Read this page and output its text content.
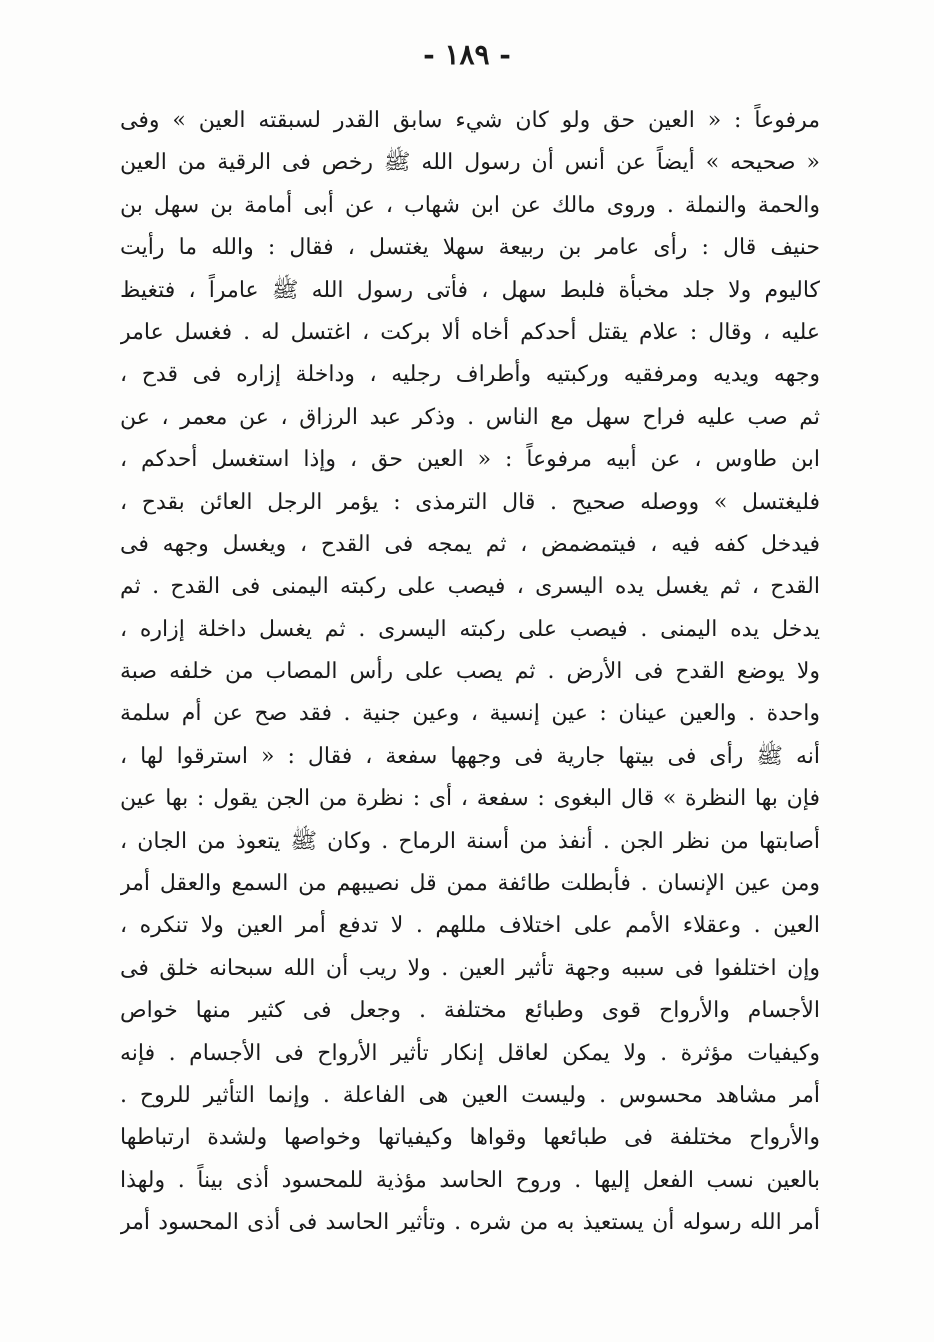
- ١٨٩ -
مرفوعاً : « العين حق ولو كان شيء سابق القدر لسبقته العين » وفى
« صحيحه » أيضاً عن أنس أن رسول الله ﷺ رخص فى الرقية من العين
والحمة والنملة . وروى مالك عن ابن شهاب ، عن أبى أمامة بن سهل بن
حنيف قال : رأى عامر بن ربيعة سهلا يغتسل ، فقال : والله ما رأيت
كاليوم ولا جلد مخبأة فلبط سهل ، فأتى رسول الله ﷺ عامراً ، فتغيظ
عليه ، وقال : علام يقتل أحدكم أخاه ألا بركت ، اغتسل له . فغسل عامر
وجهه ويديه ومرفقيه وركبتيه وأطراف رجليه ، وداخلة إزاره فى قدح ،
ثم صب عليه فراح سهل مع الناس . وذكر عبد الرزاق ، عن معمر ، عن
ابن طاوس ، عن أبيه مرفوعاً : « العين حق ، وإذا استغسل أحدكم ،
فليغتسل » ووصله صحيح . قال الترمذى : يؤمر الرجل العائن بقدح ،
فيدخل كفه فيه ، فيتمضمض ، ثم يمجه فى القدح ، ويغسل وجهه فى
القدح ، ثم يغسل يده اليسرى ، فيصب على ركبته اليمنى فى القدح . ثم
يدخل يده اليمنى . فيصب على ركبته اليسرى . ثم يغسل داخلة إزاره ،
ولا يوضع القدح فى الأرض . ثم يصب على رأس المصاب من خلفه صبة
واحدة . والعين عينان : عين إنسية ، وعين جنية . فقد صح عن أم سلمة
أنه ﷺ رأى فى بيتها جارية فى وجهها سفعة ، فقال : « استرقوا لها ،
فإن بها النظرة » قال البغوى : سفعة ، أى : نظرة من الجن يقول : بها عين
أصابتها من نظر الجن . أنفذ من أسنة الرماح . وكان ﷺ يتعوذ من الجان ،
ومن عين الإنسان . فأبطلت طائفة ممن قل نصيبهم من السمع والعقل أمر
العين . وعقلاء الأمم على اختلاف مللهم . لا تدفع أمر العين ولا تنكره ،
وإن اختلفوا فى سببه وجهة تأثير العين . ولا ريب أن الله سبحانه خلق فى
الأجسام والأرواح قوى وطبائع مختلفة . وجعل فى كثير منها خواص
وكيفيات مؤثرة . ولا يمكن لعاقل إنكار تأثير الأرواح فى الأجسام . فإنه
أمر مشاهد محسوس . وليست العين هى الفاعلة . وإنما التأثير للروح .
والأرواح مختلفة فى طبائعها وقواها وكيفياتها وخواصها ولشدة ارتباطها
بالعين نسب الفعل إليها . وروح الحاسد مؤذية للمحسود أذى بيناً . ولهذا
أمر الله رسوله أن يستعيذ به من شره . وتأثير الحاسد فى أذى المحسود أمر
